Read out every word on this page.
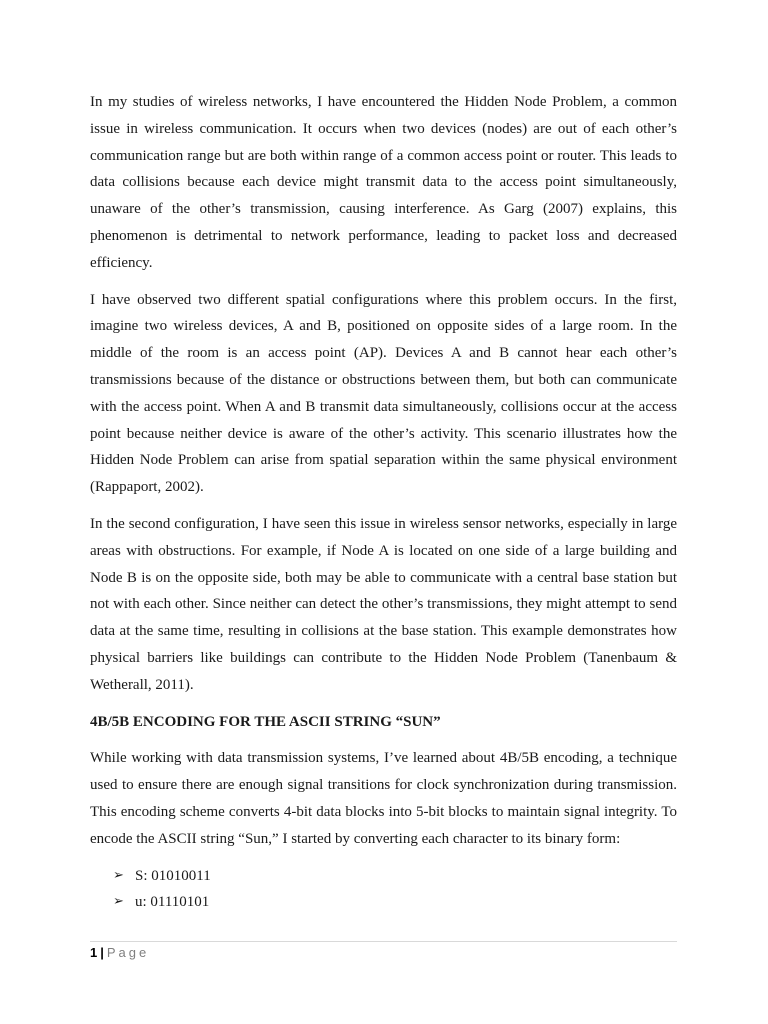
In my studies of wireless networks, I have encountered the Hidden Node Problem, a common issue in wireless communication. It occurs when two devices (nodes) are out of each other’s communication range but are both within range of a common access point or router. This leads to data collisions because each device might transmit data to the access point simultaneously, unaware of the other’s transmission, causing interference. As Garg (2007) explains, this phenomenon is detrimental to network performance, leading to packet loss and decreased efficiency.

I have observed two different spatial configurations where this problem occurs. In the first, imagine two wireless devices, A and B, positioned on opposite sides of a large room. In the middle of the room is an access point (AP). Devices A and B cannot hear each other’s transmissions because of the distance or obstructions between them, but both can communicate with the access point. When A and B transmit data simultaneously, collisions occur at the access point because neither device is aware of the other’s activity. This scenario illustrates how the Hidden Node Problem can arise from spatial separation within the same physical environment (Rappaport, 2002).

In the second configuration, I have seen this issue in wireless sensor networks, especially in large areas with obstructions. For example, if Node A is located on one side of a large building and Node B is on the opposite side, both may be able to communicate with a central base station but not with each other. Since neither can detect the other’s transmissions, they might attempt to send data at the same time, resulting in collisions at the base station. This example demonstrates how physical barriers like buildings can contribute to the Hidden Node Problem (Tanenbaum & Wetherall, 2011).

4B/5B ENCODING FOR THE ASCII STRING “SUN”

While working with data transmission systems, I’ve learned about 4B/5B encoding, a technique used to ensure there are enough signal transitions for clock synchronization during transmission. This encoding scheme converts 4-bit data blocks into 5-bit blocks to maintain signal integrity. To encode the ASCII string “Sun,” I started by converting each character to its binary form:

➢ S: 01010011
➢ u: 01110101
1 | Page
